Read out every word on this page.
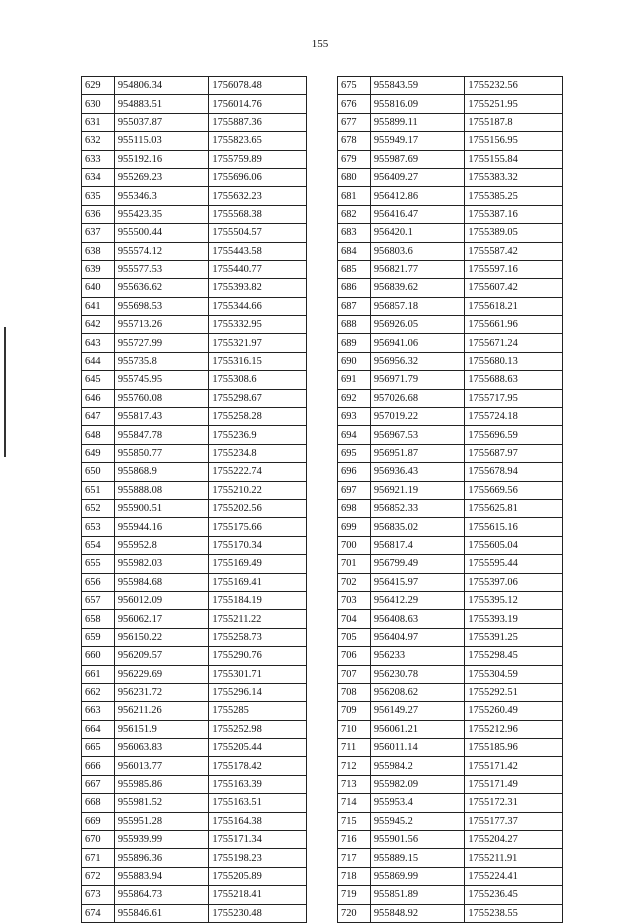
155
629	954806.34	1756078.48
630	954883.51	1756014.76
631	955037.87	1755887.36
632	955115.03	1755823.65
633	955192.16	1755759.89
634	955269.23	1755696.06
635	955346.3	1755632.23
636	955423.35	1755568.38
637	955500.44	1755504.57
638	955574.12	1755443.58
639	955577.53	1755440.77
640	955636.62	1755393.82
641	955698.53	1755344.66
642	955713.26	1755332.95
643	955727.99	1755321.97
644	955735.8	1755316.15
645	955745.95	1755308.6
646	955760.08	1755298.67
647	955817.43	1755258.28
648	955847.78	1755236.9
649	955850.77	1755234.8
650	955868.9	1755222.74
651	955888.08	1755210.22
652	955900.51	1755202.56
653	955944.16	1755175.66
654	955952.8	1755170.34
655	955982.03	1755169.49
656	955984.68	1755169.41
657	956012.09	1755184.19
658	956062.17	1755211.22
659	956150.22	1755258.73
660	956209.57	1755290.76
661	956229.69	1755301.71
662	956231.72	1755296.14
663	956211.26	1755285
664	956151.9	1755252.98
665	956063.83	1755205.44
666	956013.77	1755178.42
667	955985.86	1755163.39
668	955981.52	1755163.51
669	955951.28	1755164.38
670	955939.99	1755171.34
671	955896.36	1755198.23
672	955883.94	1755205.89
673	955864.73	1755218.41
674	955846.61	1755230.48
675	955843.59	1755232.56
676	955816.09	1755251.95
677	955899.11	1755187.8
678	955949.17	1755156.95
679	955987.69	1755155.84
680	956409.27	1755383.32
681	956412.86	1755385.25
682	956416.47	1755387.16
683	956420.1	1755389.05
684	956803.6	1755587.42
685	956821.77	1755597.16
686	956839.62	1755607.42
687	956857.18	1755618.21
688	956926.05	1755661.96
689	956941.06	1755671.24
690	956956.32	1755680.13
691	956971.79	1755688.63
692	957026.68	1755717.95
693	957019.22	1755724.18
694	956967.53	1755696.59
695	956951.87	1755687.97
696	956936.43	1755678.94
697	956921.19	1755669.56
698	956852.33	1755625.81
699	956835.02	1755615.16
700	956817.4	1755605.04
701	956799.49	1755595.44
702	956415.97	1755397.06
703	956412.29	1755395.12
704	956408.63	1755393.19
705	956404.97	1755391.25
706	956233	1755298.45
707	956230.78	1755304.59
708	956208.62	1755292.51
709	956149.27	1755260.49
710	956061.21	1755212.96
711	956011.14	1755185.96
712	955984.2	1755171.42
713	955982.09	1755171.49
714	955953.4	1755172.31
715	955945.2	1755177.37
716	955901.56	1755204.27
717	955889.15	1755211.91
718	955869.99	1755224.41
719	955851.89	1755236.45
720	955848.92	1755238.55
